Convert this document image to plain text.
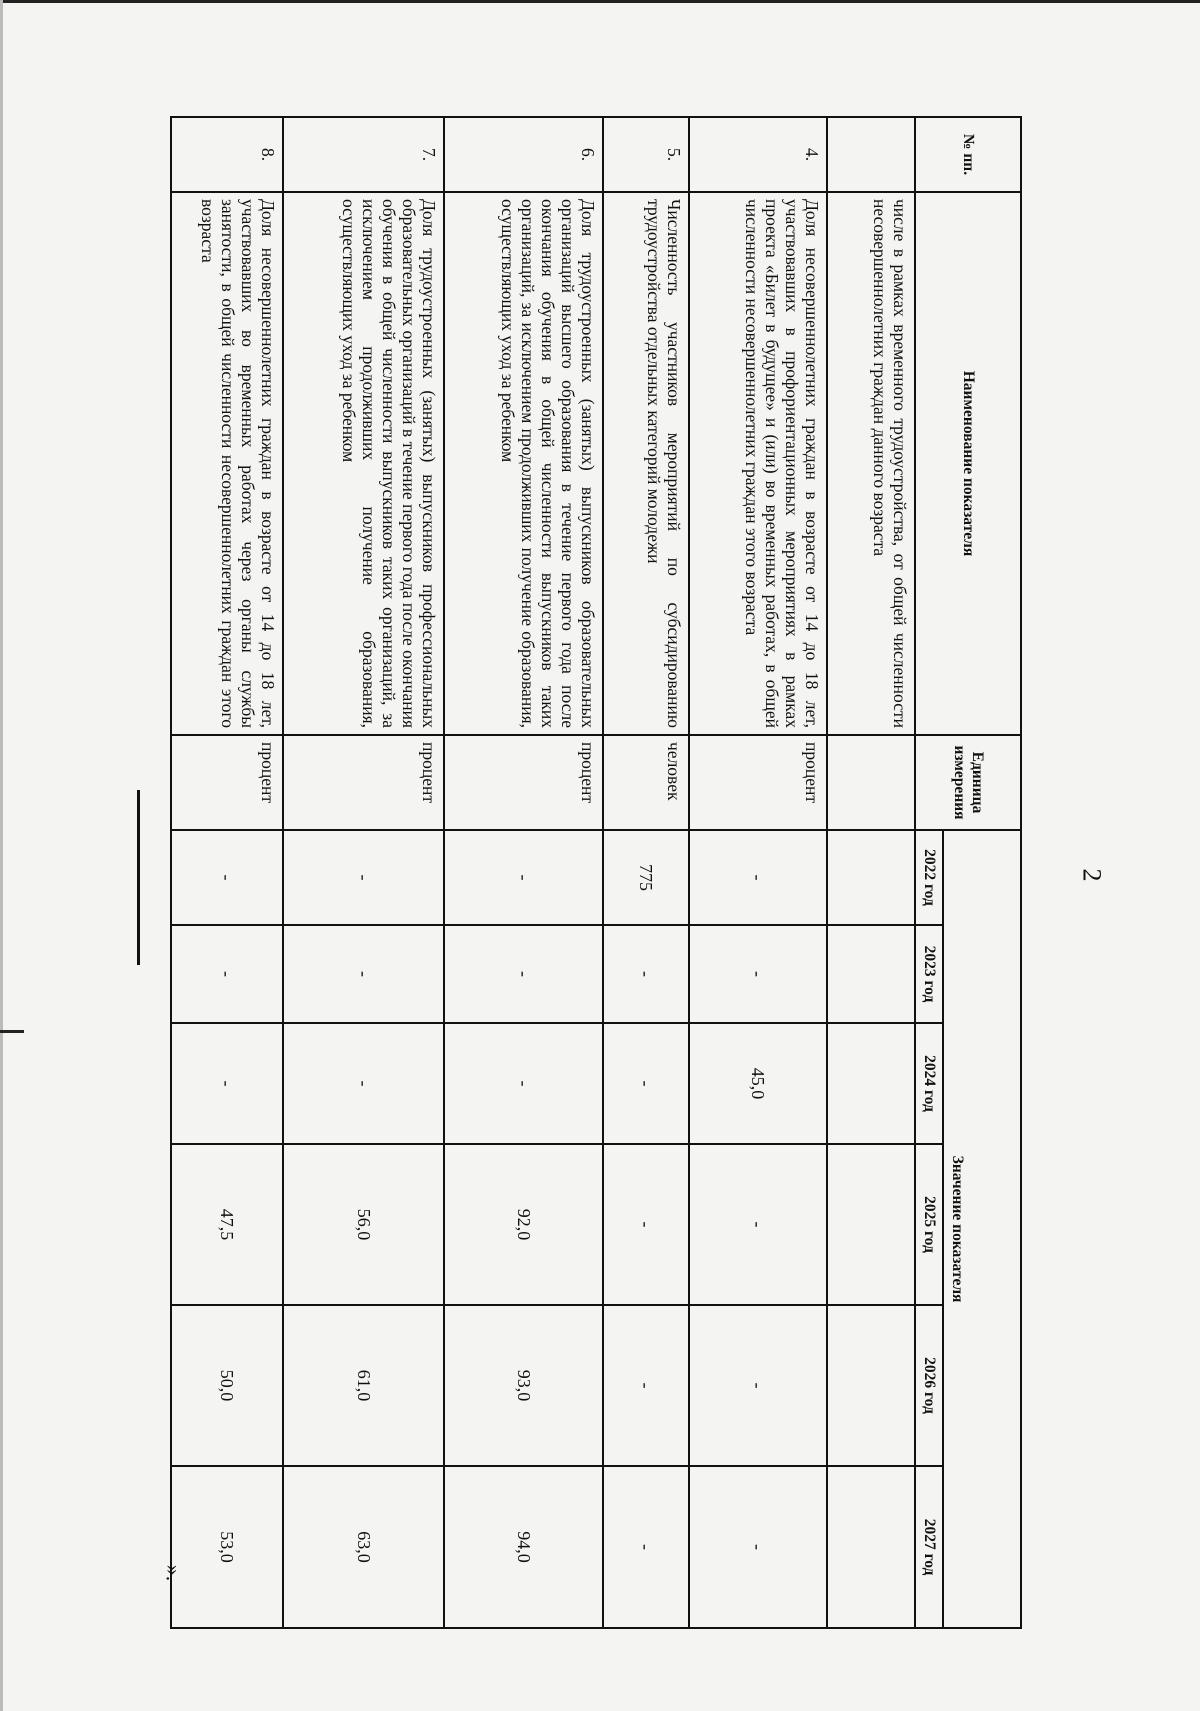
2
№ пп.	Наименование показателя	Единица измерения	Значение показателя					
			2022 год	2023 год	2024 год	2025 год	2026 год	2027 год
	числе в рамках временного трудоустройства, от общей численности несовершеннолетних граждан данного возраста							
4.	Доля несовершеннолетних граждан в возрасте от 14 до 18 лет, участвовавших в профориентационных мероприятиях в рамках проекта «Билет в будущее» и (или) во временных работах, в общей численности несовершеннолетних граждан этого возраста	процент	-	-	45,0	-	-	-
5.	Численность участников мероприятий по субсидированию трудоустройства отдельных категорий молодежи	человек	775	-	-	-	-	-
6.	Доля трудоустроенных (занятых) выпускников образовательных организаций высшего образования в течение первого года после окончания обучения в общей численности выпускников таких организаций, за исключением продолживших получение образования, осуществляющих уход за ребенком	процент	-	-	-	92,0	93,0	94,0
7.	Доля трудоустроенных (занятых) выпускников профессиональных образовательных организаций в течение первого года после окончания обучения в общей численности выпускников таких организаций, за исключением продолживших получение образования, осуществляющих уход за ребенком	процент	-	-	-	56,0	61,0	63,0
8.	Доля несовершеннолетних граждан в возрасте от 14 до 18 лет, участвовавших во временных работах через органы службы занятости, в общей численности несовершеннолетних граждан этого возраста	процент	-	-	-	47,5	50,0	53,0
».
